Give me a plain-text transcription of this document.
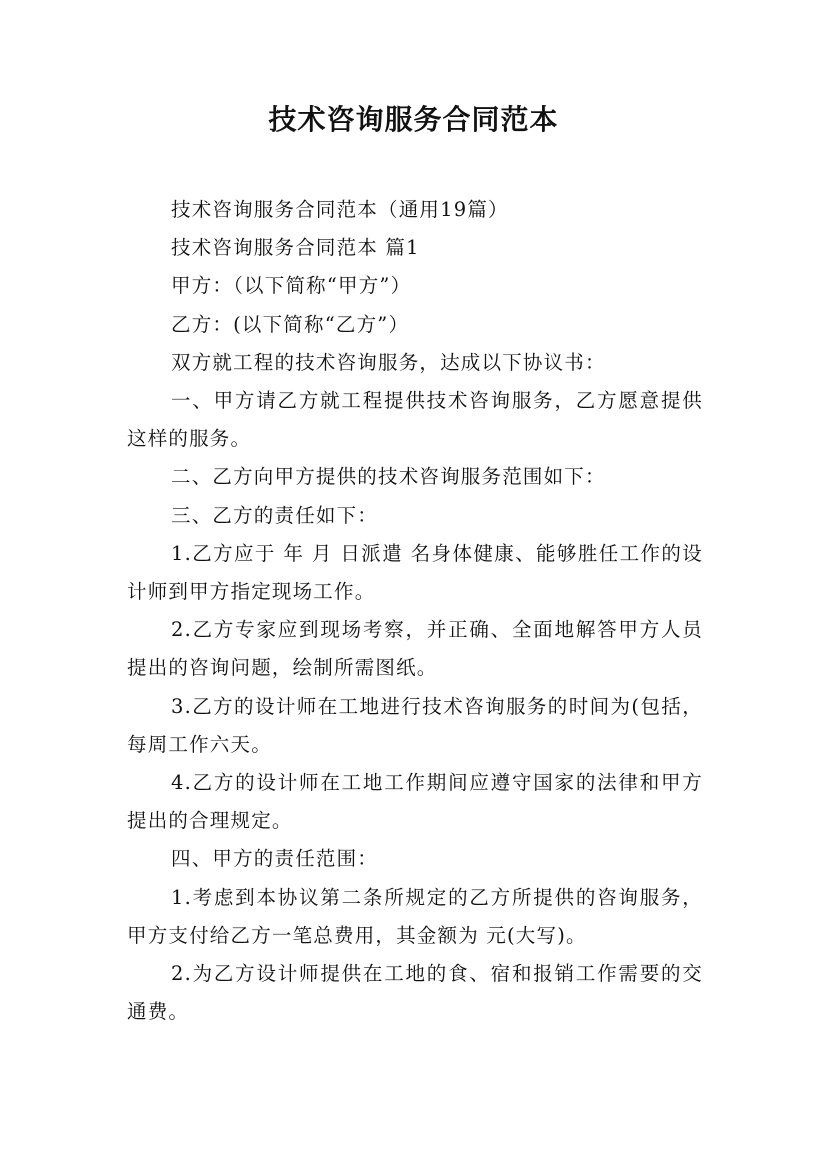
技术咨询服务合同范本

技术咨询服务合同范本（通用19篇）

技术咨询服务合同范本 篇1

甲方：（以下简称“甲方”）

乙方：(以下简称“乙方”）

双方就工程的技术咨询服务，达成以下协议书：

一、甲方请乙方就工程提供技术咨询服务，乙方愿意提供这样的服务。

二、乙方向甲方提供的技术咨询服务范围如下：

三、乙方的责任如下：

1.乙方应于 年 月 日派遣 名身体健康、能够胜任工作的设计师到甲方指定现场工作。

2.乙方专家应到现场考察，并正确、全面地解答甲方人员提出的咨询问题，绘制所需图纸。

3.乙方的设计师在工地进行技术咨询服务的时间为(包括，每周工作六天。

4.乙方的设计师在工地工作期间应遵守国家的法律和甲方提出的合理规定。

四、甲方的责任范围：

1.考虑到本协议第二条所规定的乙方所提供的咨询服务，甲方支付给乙方一笔总费用，其金额为 元(大写)。

2.为乙方设计师提供在工地的食、宿和报销工作需要的交通费。
